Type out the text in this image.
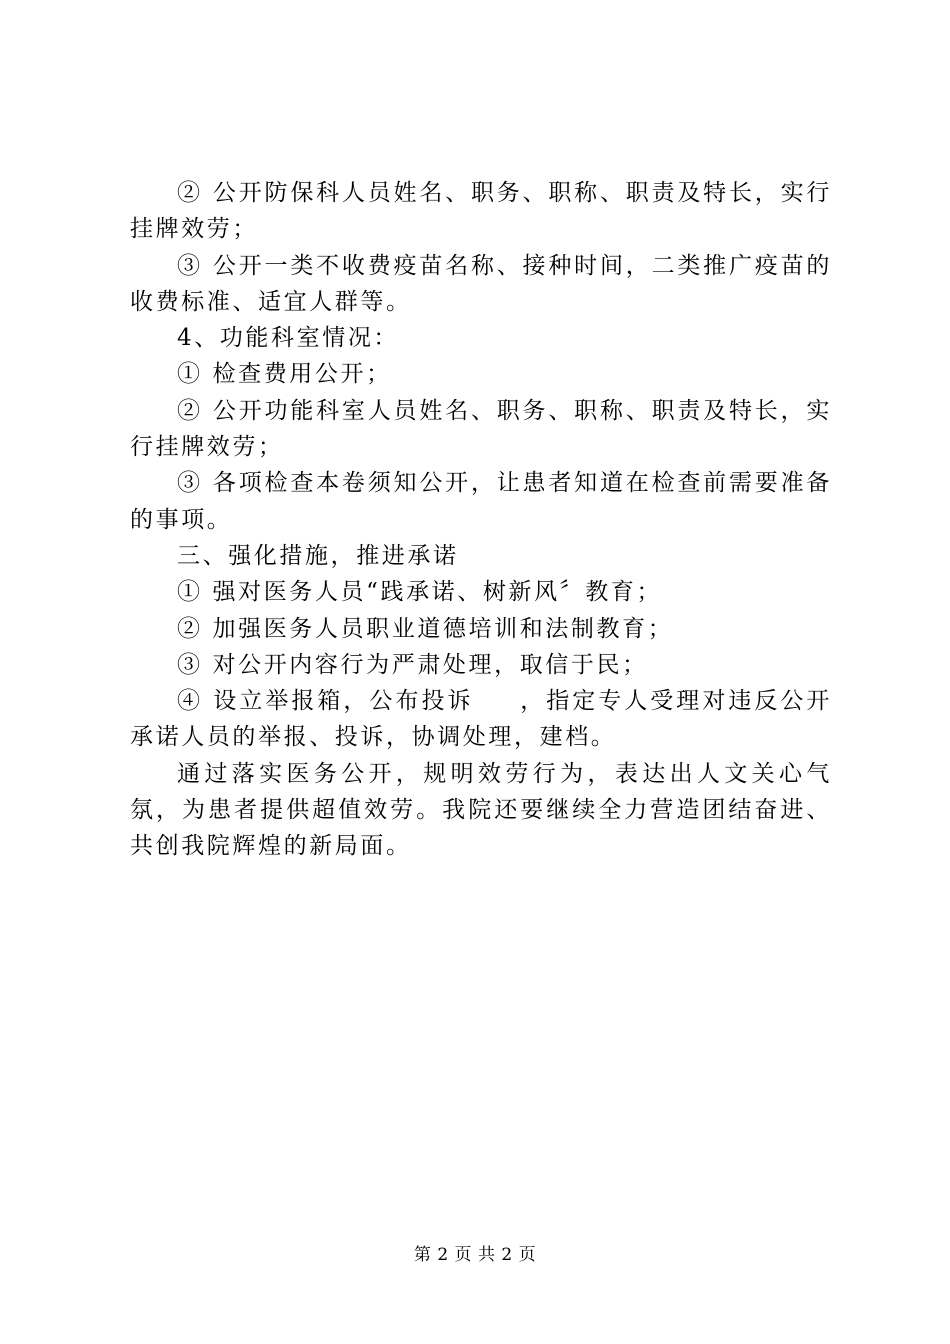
② 公开防保科人员姓名、职务、职称、职责及特长，实行挂牌效劳；

③ 公开一类不收费疫苗名称、接种时间，二类推广疫苗的收费标准、适宜人群等。

4、功能科室情况：

① 检查费用公开；

② 公开功能科室人员姓名、职务、职称、职责及特长，实行挂牌效劳；

③ 各项检查本卷须知公开，让患者知道在检查前需要准备的事项。

三、强化措施，推进承诺

① 强对医务人员“践承诺、树新风〞教育；

② 加强医务人员职业道德培训和法制教育；

③ 对公开内容行为严肃处理，取信于民；

④ 设立举报箱，公布投诉　  ，指定专人受理对违反公开承诺人员的举报、投诉，协调处理，建档。

通过落实医务公开，规明效劳行为，表达出人文关心气氛，为患者提供超值效劳。我院还要继续全力营造团结奋进、共创我院辉煌的新局面。

第 2 页 共 2 页
